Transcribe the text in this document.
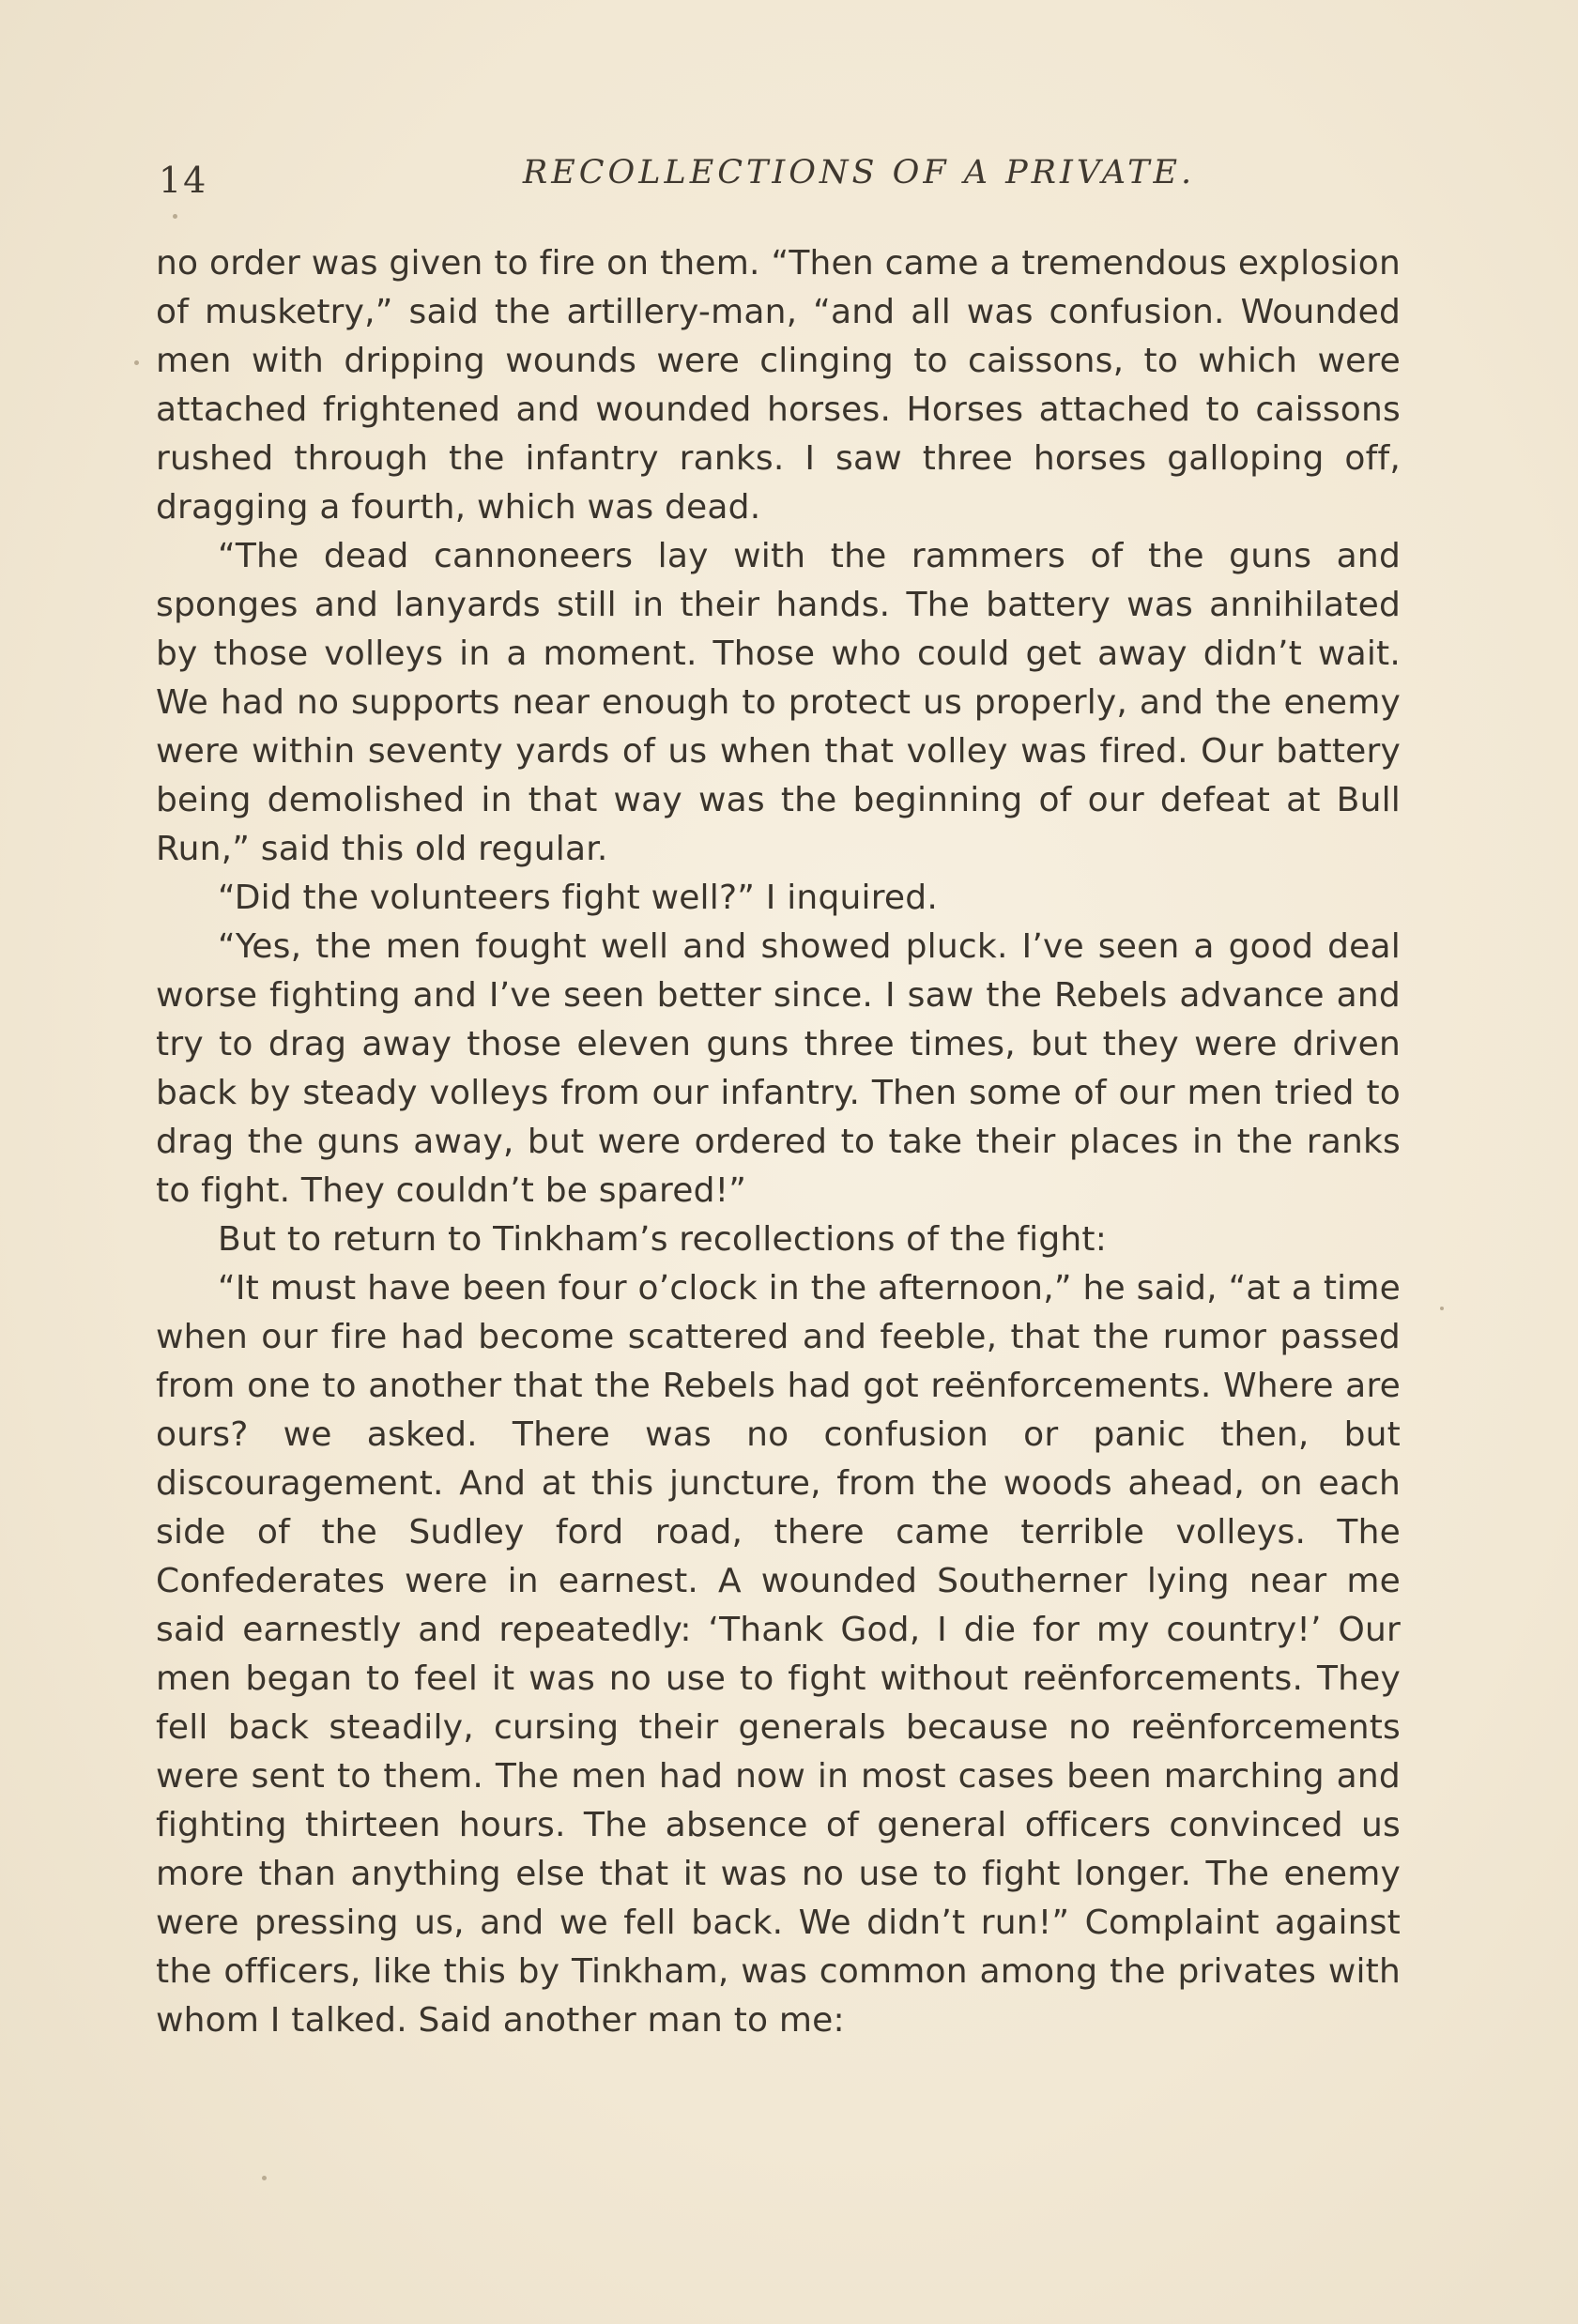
14	RECOLLECTIONS OF A PRIVATE.

no order was given to fire on them. “Then came a tremendous explosion of musketry,” said the artillery-man, “and all was confusion. Wounded men with dripping wounds were clinging to caissons, to which were attached frightened and wounded horses. Horses attached to caissons rushed through the infantry ranks. I saw three horses galloping off, dragging a fourth, which was dead.

“The dead cannoneers lay with the rammers of the guns and sponges and lanyards still in their hands. The battery was annihilated by those volleys in a moment. Those who could get away didn’t wait. We had no supports near enough to protect us properly, and the enemy were within seventy yards of us when that volley was fired. Our battery being demolished in that way was the beginning of our defeat at Bull Run,” said this old regular.

“Did the volunteers fight well?” I inquired.

“Yes, the men fought well and showed pluck. I’ve seen a good deal worse fighting and I’ve seen better since. I saw the Rebels advance and try to drag away those eleven guns three times, but they were driven back by steady volleys from our infantry. Then some of our men tried to drag the guns away, but were ordered to take their places in the ranks to fight. They couldn’t be spared!”

But to return to Tinkham’s recollections of the fight:

“It must have been four o’clock in the afternoon,” he said, “at a time when our fire had become scattered and feeble, that the rumor passed from one to another that the Rebels had got reënforcements. Where are ours? we asked. There was no confusion or panic then, but discouragement. And at this juncture, from the woods ahead, on each side of the Sudley ford road, there came terrible volleys. The Confederates were in earnest. A wounded Southerner lying near me said earnestly and repeatedly: ‘Thank God, I die for my country!’ Our men began to feel it was no use to fight without reënforcements. They fell back steadily, cursing their generals because no reënforcements were sent to them. The men had now in most cases been marching and fighting thirteen hours. The absence of general officers convinced us more than anything else that it was no use to fight longer. The enemy were pressing us, and we fell back. We didn’t run!” Complaint against the officers, like this by Tinkham, was common among the privates with whom I talked. Said another man to me:
